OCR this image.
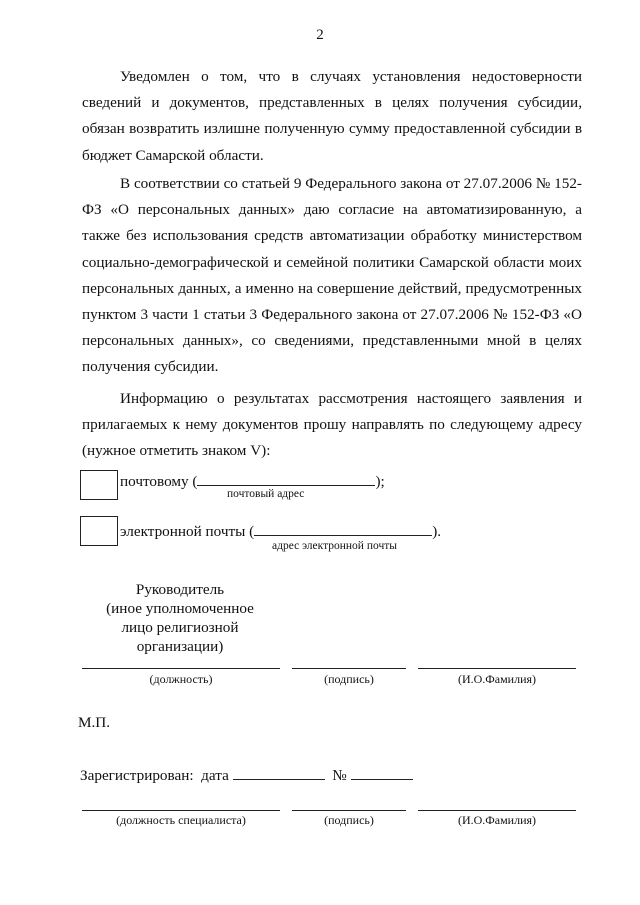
2

Уведомлен о том, что в случаях установления недостоверности сведений и документов, представленных в целях получения субсидии, обязан возвратить излишне полученную сумму предоставленной субсидии в бюджет Самарской области.

В соответствии со статьей 9 Федерального закона от 27.07.2006 № 152-ФЗ «О персональных данных» даю согласие на автоматизированную, а также без использования средств автоматизации обработку министерством социально-демографической и семейной политики Самарской области моих персональных данных, а именно на совершение действий, предусмотренных пунктом 3 части 1 статьи 3 Федерального закона от 27.07.2006 № 152-ФЗ «О персональных данных», со сведениями, представленными мной в целях получения субсидии.

Информацию о результатах рассмотрения настоящего заявления и прилагаемых к нему документов прошу направлять по следующему адресу (нужное отметить знаком V):

почтовому (	);
почтовый адрес
электронной почты (	).
адрес электронной почты
Руководитель
(иное уполномоченное
лицо религиозной
организации)
(должность)	(подпись)	(И.О.Фамилия)
М.П.
Зарегистрирован: дата	№
(должность специалиста)	(подпись)	(И.О.Фамилия)
